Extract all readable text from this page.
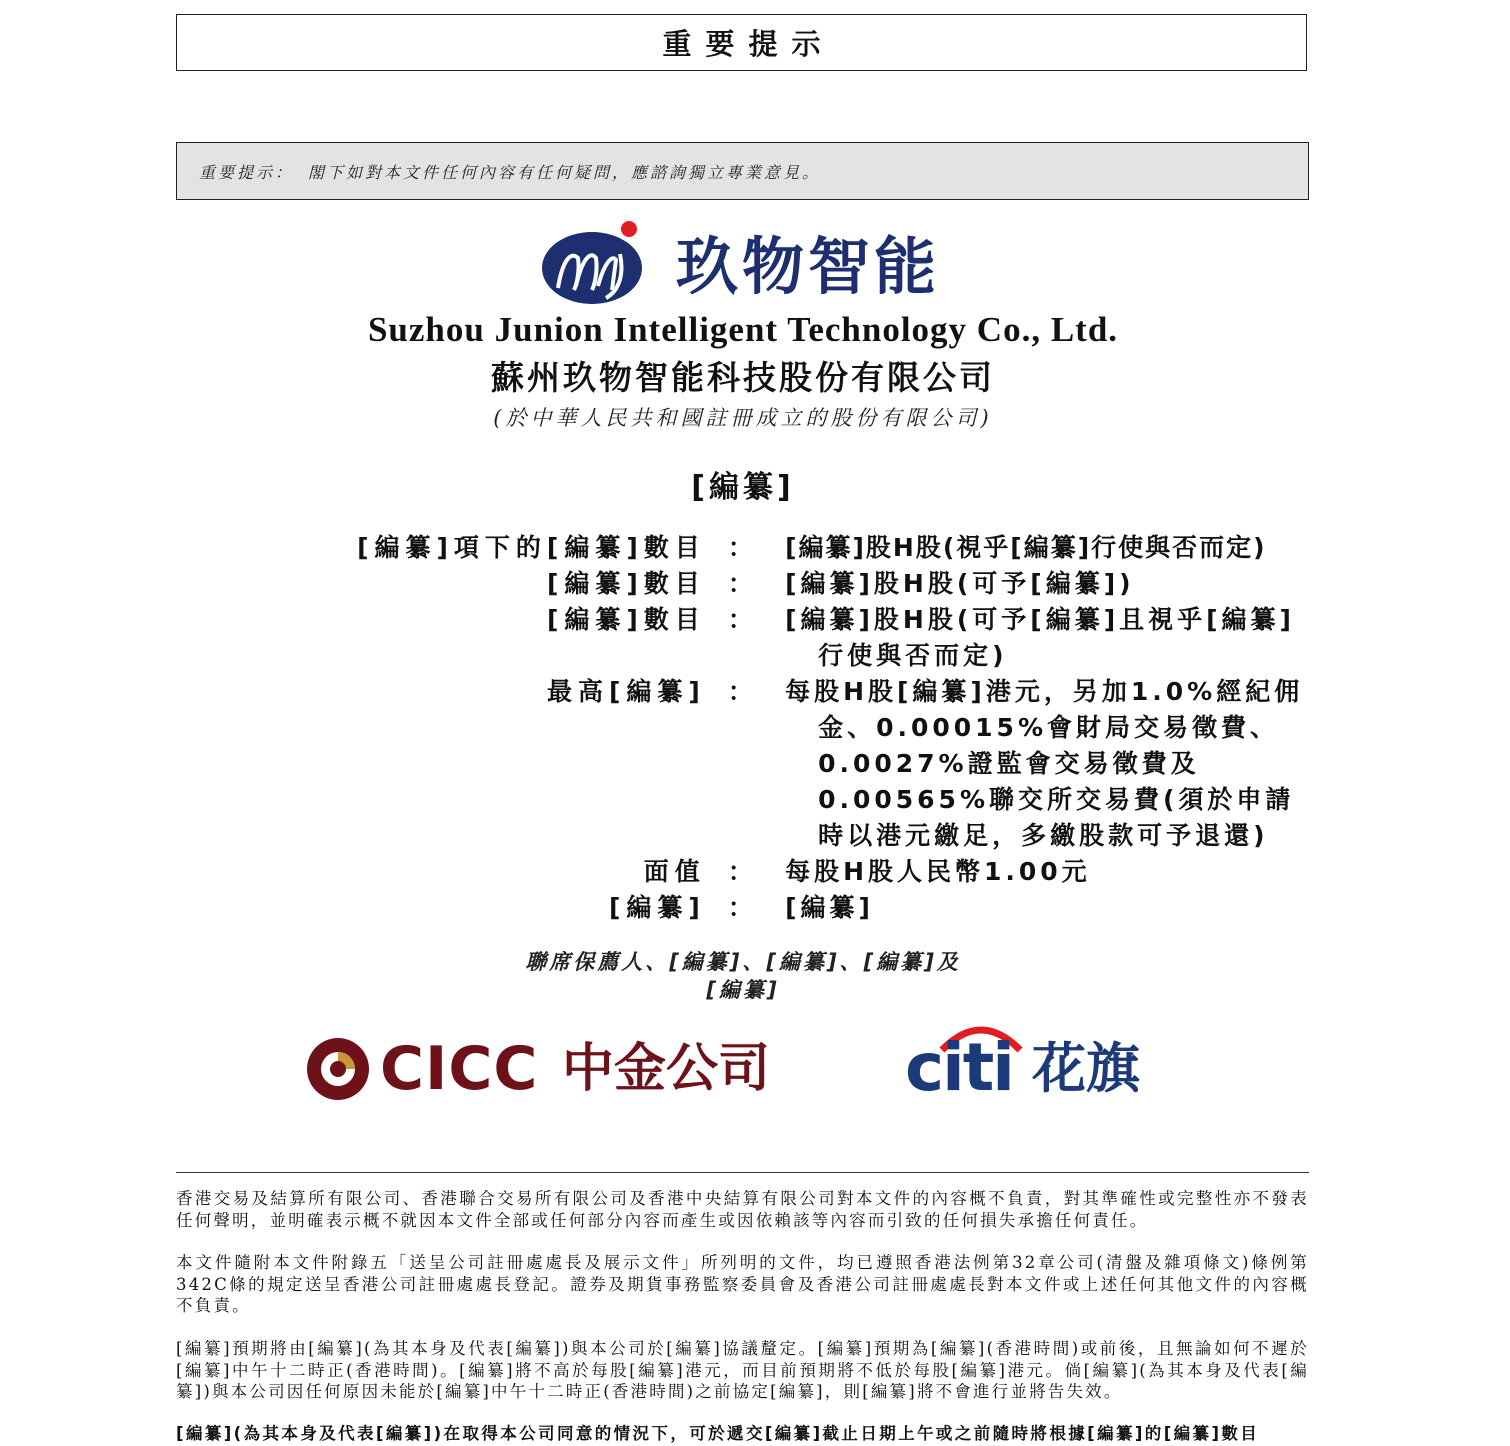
重要提示
重要提示： 閣下如對本文件任何內容有任何疑問，應諮詢獨立專業意見。
玖物智能
Suzhou Junion Intelligent Technology Co., Ltd.
蘇州玖物智能科技股份有限公司
(於中華人民共和國註冊成立的股份有限公司)
[編纂]
[編纂]項下的[編纂]數目 ：	[編纂]股H股(視乎[編纂]行使與否而定)
[編纂]數目 ：	[編纂]股H股(可予[編纂])
[編纂]數目 ：	[編纂]股H股(可予[編纂]且視乎[編纂]行使與否而定)
最高[編纂] ：	每股H股[編纂]港元，另加1.0%經紀佣金、0.00015%會財局交易徵費、0.0027%證監會交易徵費及0.00565%聯交所交易費(須於申請時以港元繳足，多繳股款可予退還)
面值 ：	每股H股人民幣1.00元
[編纂] ：	[編纂]
聯席保薦人、[編纂]、[編纂]、[編纂]及
[編纂]
CICC 中金公司 citi 花旗
香港交易及結算所有限公司、香港聯合交易所有限公司及香港中央結算有限公司對本文件的內容概不負責，對其準確性或完整性亦不發表任何聲明，並明確表示概不就因本文件全部或任何部分內容而產生或因依賴該等內容而引致的任何損失承擔任何責任。
本文件隨附本文件附錄五「送呈公司註冊處處長及展示文件」所列明的文件，均已遵照香港法例第32章公司(清盤及雜項條文)條例第342C條的規定送呈香港公司註冊處處長登記。證券及期貨事務監察委員會及香港公司註冊處處長對本文件或上述任何其他文件的內容概不負責。
[編纂]預期將由[編纂](為其本身及代表[編纂])與本公司於[編纂]協議釐定。[編纂]預期為[編纂](香港時間)或前後，且無論如何不遲於[編纂]中午十二時正(香港時間)。[編纂]將不高於每股[編纂]港元，而目前預期將不低於每股[編纂]港元。倘[編纂](為其本身及代表[編纂])與本公司因任何原因未能於[編纂]中午十二時正(香港時間)之前協定[編纂]，則[編纂]將不會進行並將告失效。
[編纂](為其本身及代表[編纂])在取得本公司同意的情況下，可於遞交[編纂]截止日期上午或之前隨時將根據[編纂]的[編纂]數目
